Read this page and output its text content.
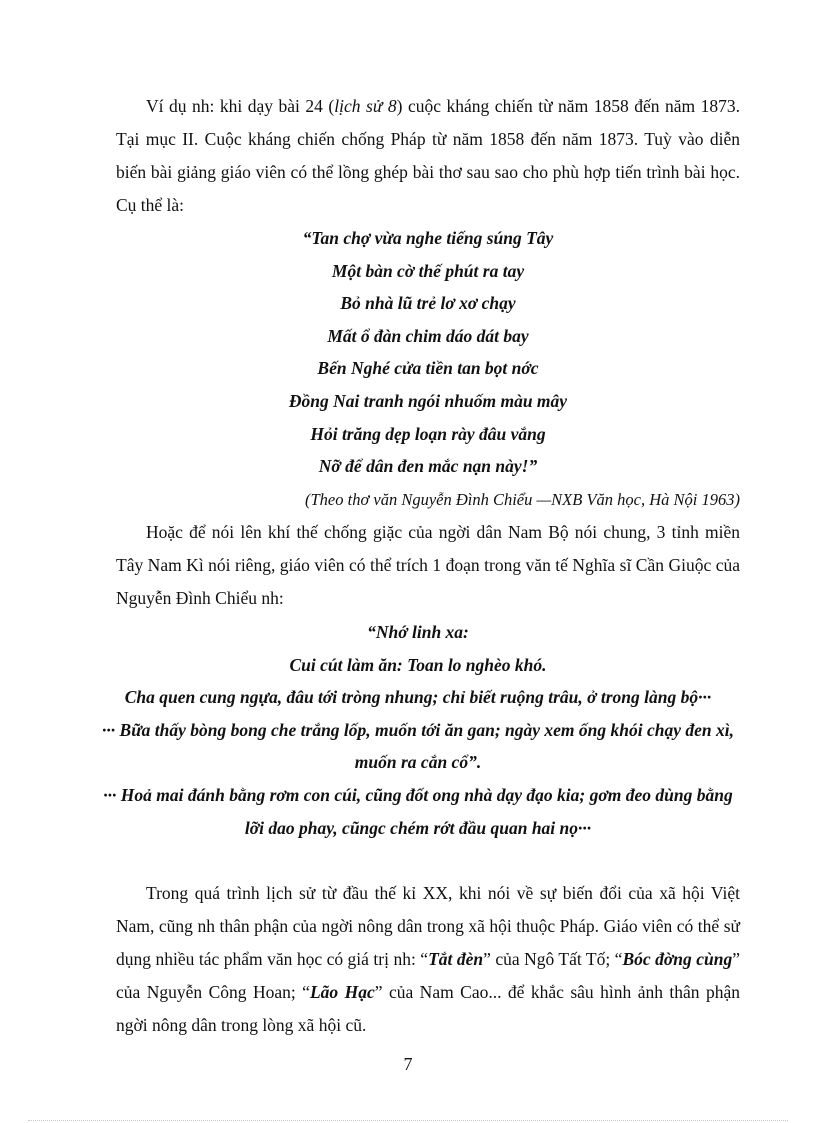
Ví dụ nh: khi dạy bài 24 (lịch sử 8) cuộc kháng chiến từ năm 1858 đến năm 1873. Tại mục II. Cuộc kháng chiến chống Pháp từ năm 1858 đến năm 1873. Tuỳ vào diễn biến bài giảng giáo viên có thể lồng ghép bài thơ sau sao cho phù hợp tiến trình bài học. Cụ thể là:

“Tan chợ vừa nghe tiếng súng Tây
Một bàn cờ thế phút ra tay
Bỏ nhà lũ trẻ lơ xơ chạy
Mất ổ đàn chim dáo dát bay
Bến Nghé cửa tiền tan bọt nớc
Đồng Nai tranh ngói nhuốm màu mây
Hỏi trăng dẹp loạn rày đâu vắng
Nỡ để dân đen mắc nạn này!”

(Theo thơ văn Nguyễn Đình Chiểu —NXB Văn học, Hà Nội 1963)

Hoặc để nói lên khí thế chống giặc của ngời dân Nam Bộ nói chung, 3 tỉnh miền Tây Nam Kì nói riêng, giáo viên có thể trích 1 đoạn trong văn tế Nghĩa sĩ Cần Giuộc của Nguyễn Đình Chiểu nh:

“Nhớ linh xa:

Cui cút làm ăn: Toan lo nghèo khó.

Cha quen cung ngựa, đâu tới tròng nhung; chỉ biết ruộng trâu, ở trong làng bộ···

··· Bữa thấy bòng bong che trắng lốp, muốn tới ăn gan; ngày xem ống khói chạy đen xì, muốn ra cắn cổ”.

··· Hoả mai đánh bằng rơm con cúi, cũng đốt ong nhà dạy đạo kia; gơm đeo dùng bằng lỡi dao phay, cũngc chém rớt đầu quan hai nọ···

Trong quá trình lịch sử từ đầu thế kỉ XX, khi nói về sự biến đổi của xã hội Việt Nam, cũng nh thân phận của ngời nông dân trong xã hội thuộc Pháp. Giáo viên có thể sử dụng nhiều tác phẩm văn học có giá trị nh: “Tắt đèn” của Ngô Tất Tố; “Bóc đờng cùng” của Nguyễn Công Hoan; “Lão Hạc” của Nam Cao... để khắc sâu hình ảnh thân phận ngời nông dân trong lòng xã hội cũ.

7
